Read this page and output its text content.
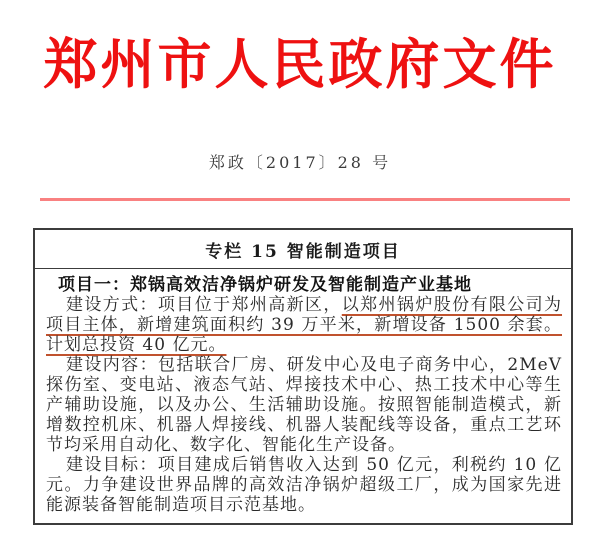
郑州市人民政府文件
郑政〔2017〕28 号
专栏 15 智能制造项目

项目一：郑锅高效洁净锅炉研发及智能制造产业基地

建设方式：项目位于郑州高新区，以郑州锅炉股份有限公司为项目主体，新增建筑面积约 39 万平米，新增设备 1500 余套。计划总投资 40 亿元。

建设内容：包括联合厂房、研发中心及电子商务中心，2MeV 探伤室、变电站、液态气站、焊接技术中心、热工技术中心等生产辅助设施，以及办公、生活辅助设施。按照智能制造模式，新增数控机床、机器人焊接线、机器人装配线等设备，重点工艺环节均采用自动化、数字化、智能化生产设备。

建设目标：项目建成后销售收入达到 50 亿元，利税约 10 亿元。力争建设世界品牌的高效洁净锅炉超级工厂，成为国家先进能源装备智能制造项目示范基地。
